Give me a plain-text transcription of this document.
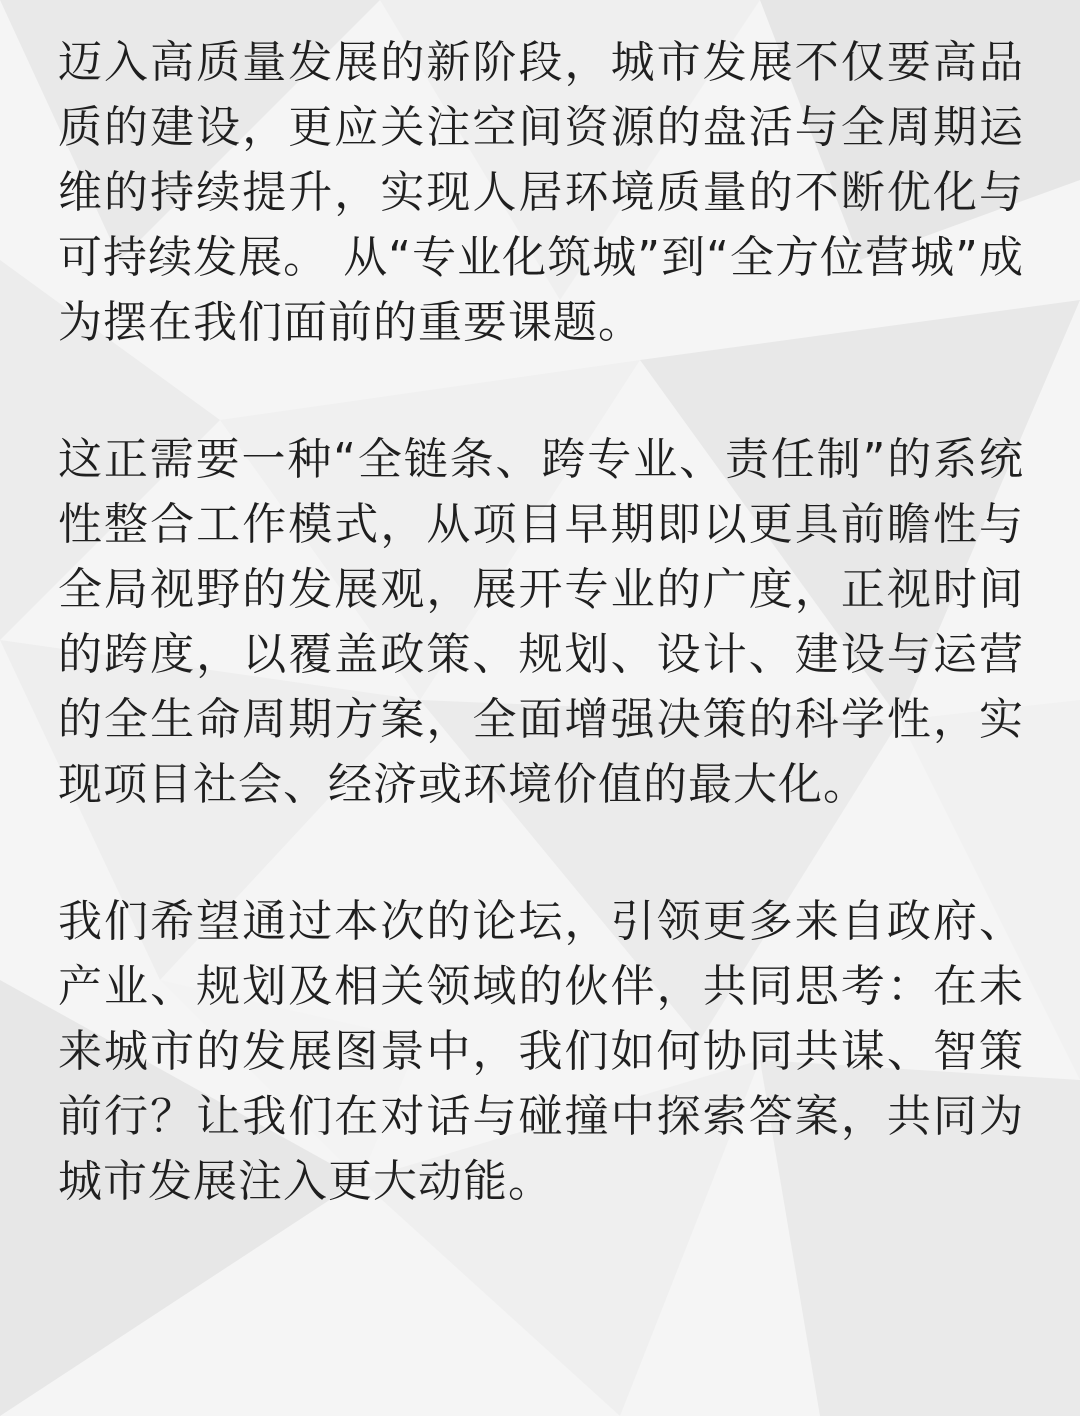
迈入高质量发展的新阶段，城市发展不仅要高品质的建设，更应关注空间资源的盘活与全周期运维的持续提升，实现人居环境质量的不断优化与可持续发展。 从“专业化筑城”到“全方位营城”成为摆在我们面前的重要课题。

这正需要一种“全链条、跨专业、责任制”的系统性整合工作模式，从项目早期即以更具前瞻性与全局视野的发展观，展开专业的广度，正视时间的跨度，以覆盖政策、规划、设计、建设与运营的全生命周期方案，全面增强决策的科学性，实现项目社会、经济或环境价值的最大化。

我们希望通过本次的论坛，引领更多来自政府、产业、规划及相关领域的伙伴，共同思考：在未来城市的发展图景中，我们如何协同共谋、智策前行？让我们在对话与碰撞中探索答案，共同为城市发展注入更大动能。
